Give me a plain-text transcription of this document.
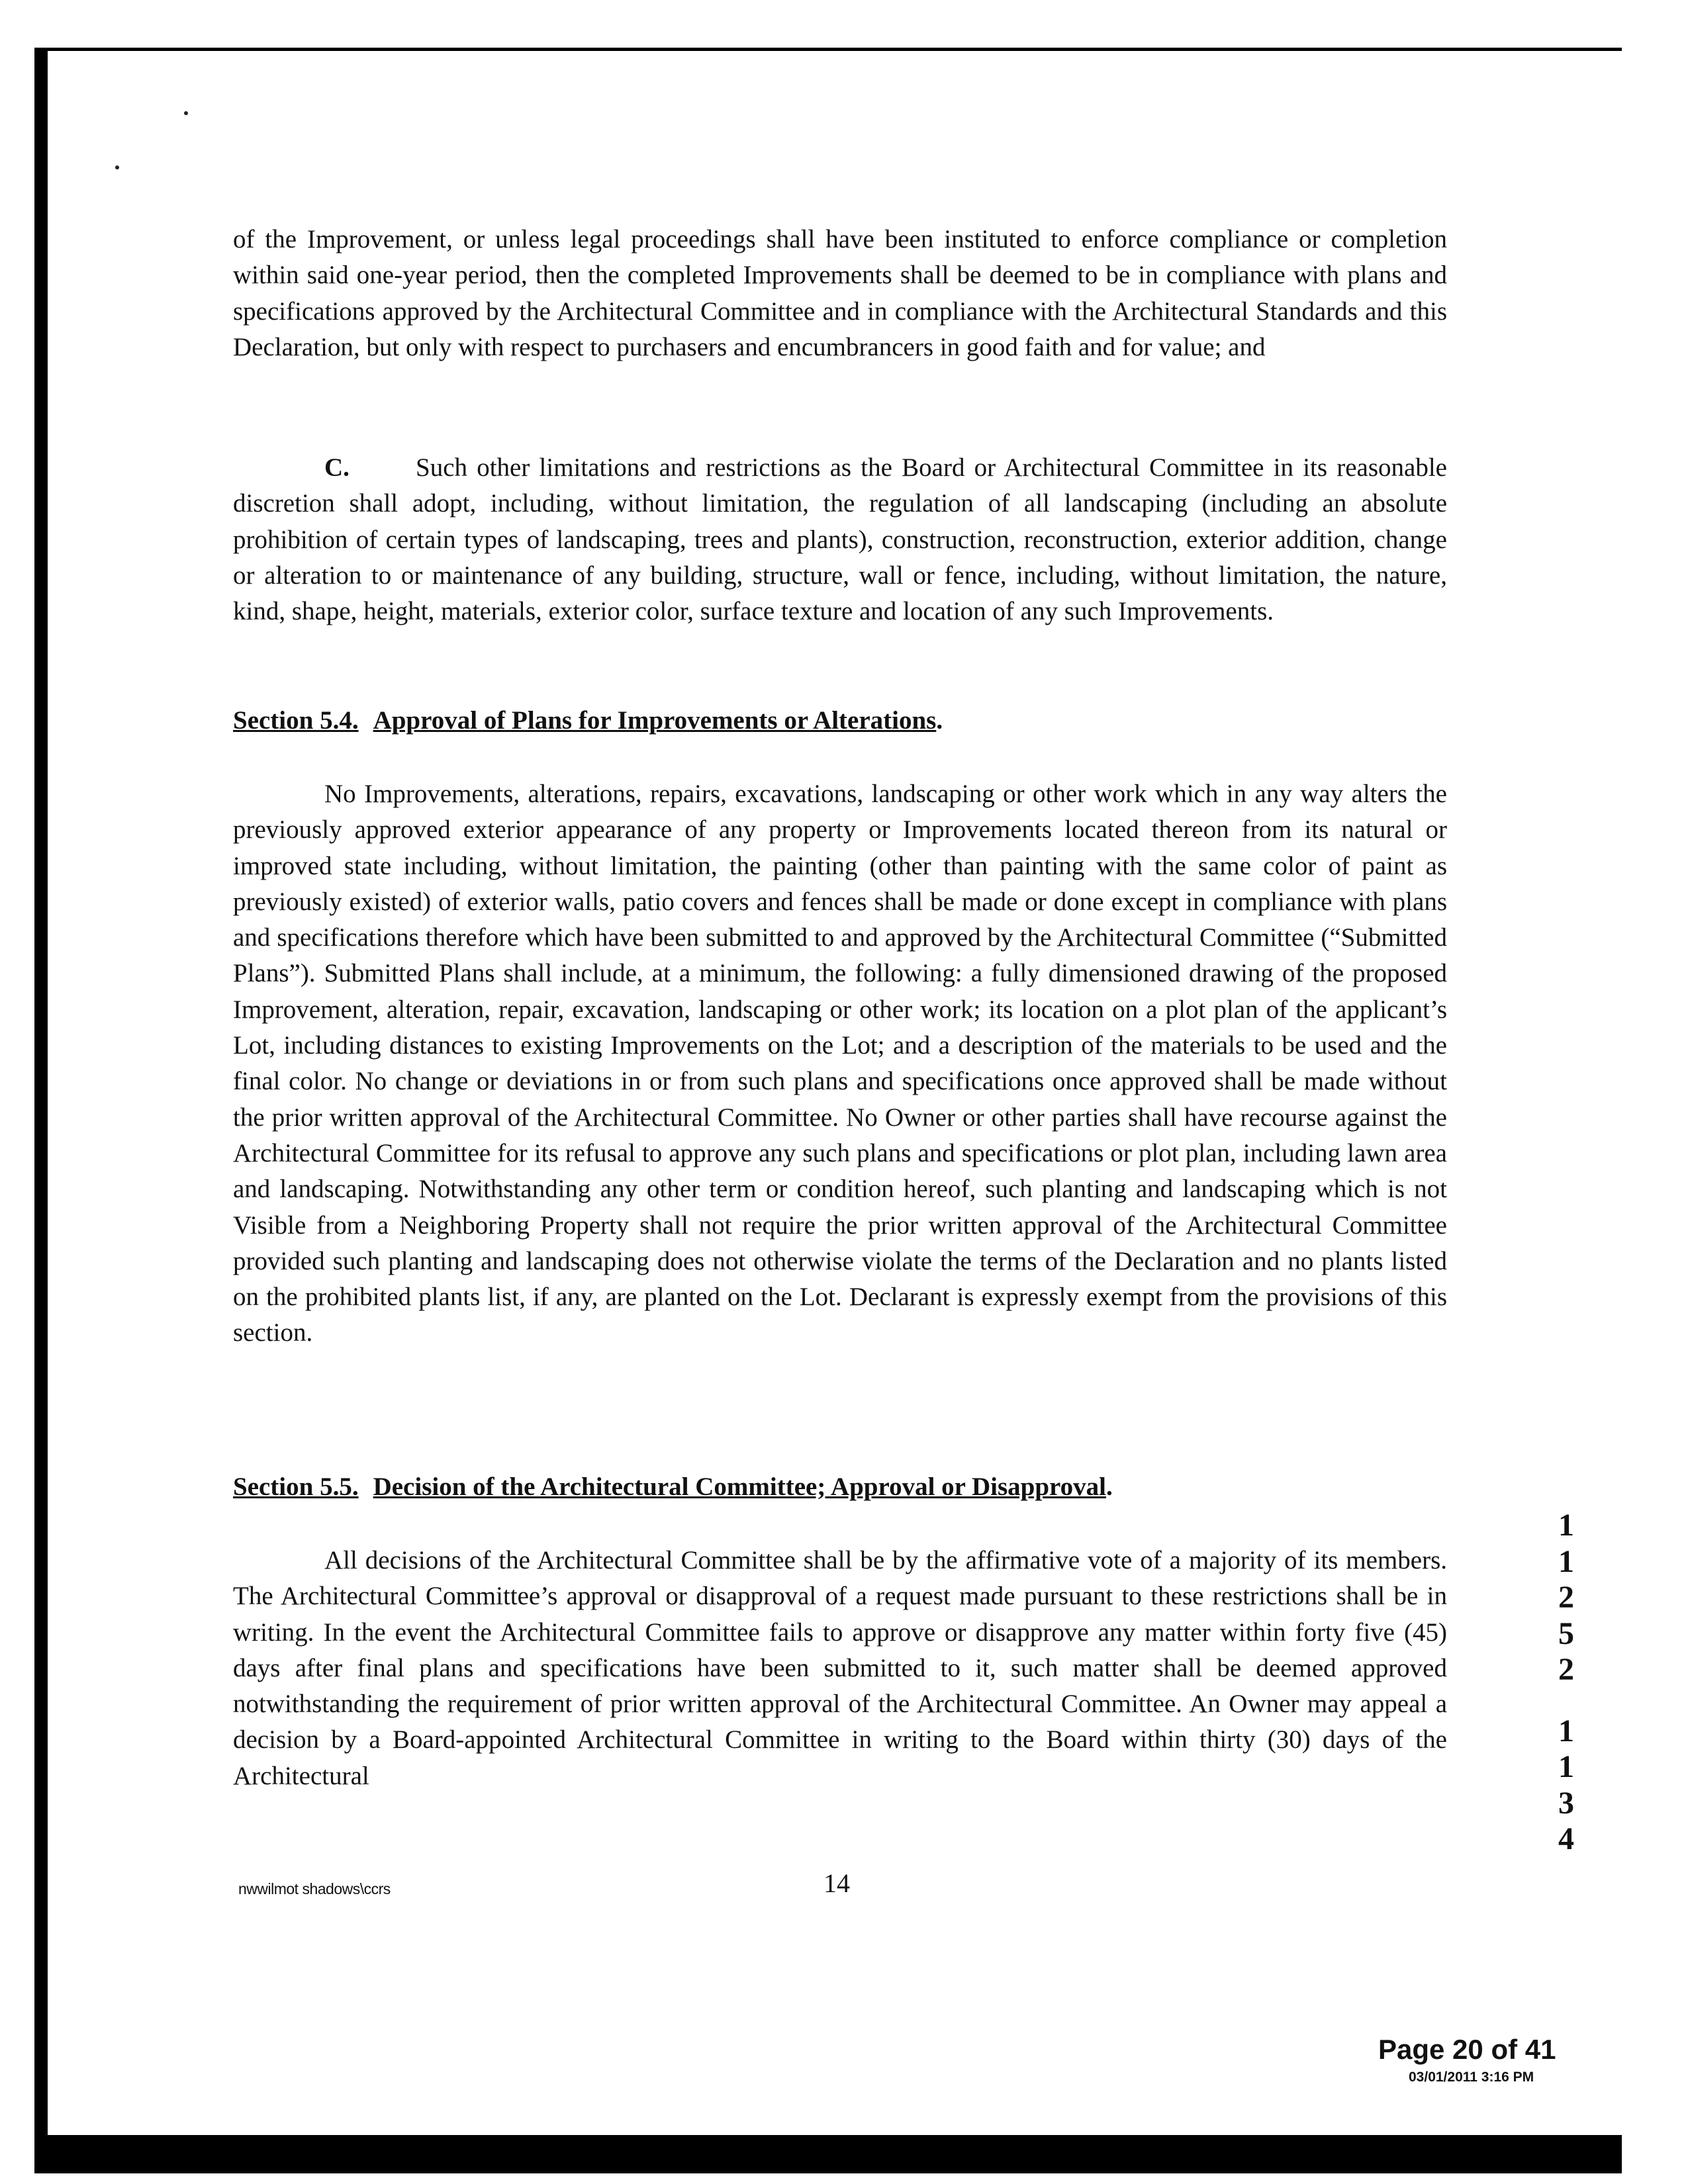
of the Improvement, or unless legal proceedings shall have been instituted to enforce compliance or completion within said one-year period, then the completed Improvements shall be deemed to be in compliance with plans and specifications approved by the Architectural Committee and in compliance with the Architectural Standards and this Declaration, but only with respect to purchasers and encumbrancers in good faith and for value; and

C.	Such other limitations and restrictions as the Board or Architectural Committee in its reasonable discretion shall adopt, including, without limitation, the regulation of all landscaping (including an absolute prohibition of certain types of landscaping, trees and plants), construction, reconstruction, exterior addition, change or alteration to or maintenance of any building, structure, wall or fence, including, without limitation, the nature, kind, shape, height, materials, exterior color, surface texture and location of any such Improvements.

Section 5.4. Approval of Plans for Improvements or Alterations.

No Improvements, alterations, repairs, excavations, landscaping or other work which in any way alters the previously approved exterior appearance of any property or Improvements located thereon from its natural or improved state including, without limitation, the painting (other than painting with the same color of paint as previously existed) of exterior walls, patio covers and fences shall be made or done except in compliance with plans and specifications therefore which have been submitted to and approved by the Architectural Committee (“Submitted Plans”). Submitted Plans shall include, at a minimum, the following: a fully dimensioned drawing of the proposed Improvement, alteration, repair, excavation, landscaping or other work; its location on a plot plan of the applicant’s Lot, including distances to existing Improvements on the Lot; and a description of the materials to be used and the final color. No change or deviations in or from such plans and specifications once approved shall be made without the prior written approval of the Architectural Committee. No Owner or other parties shall have recourse against the Architectural Committee for its refusal to approve any such plans and specifications or plot plan, including lawn area and landscaping. Notwithstanding any other term or condition hereof, such planting and landscaping which is not Visible from a Neighboring Property shall not require the prior written approval of the Architectural Committee provided such planting and landscaping does not otherwise violate the terms of the Declaration and no plants listed on the prohibited plants list, if any, are planted on the Lot. Declarant is expressly exempt from the provisions of this section.

Section 5.5. Decision of the Architectural Committee; Approval or Disapproval.

All decisions of the Architectural Committee shall be by the affirmative vote of a majority of its members. The Architectural Committee’s approval or disapproval of a request made pursuant to these restrictions shall be in writing. In the event the Architectural Committee fails to approve or disapprove any matter within forty five (45) days after final plans and specifications have been submitted to it, such matter shall be deemed approved notwithstanding the requirement of prior written approval of the Architectural Committee. An Owner may appeal a decision by a Board-appointed Architectural Committee in writing to the Board within thirty (30) days of the Architectural

1
1
2
5
2
1
1
3
4
nwwilmot shadows\ccrs	14
Page 20 of 41
03/01/2011 3:16 PM
